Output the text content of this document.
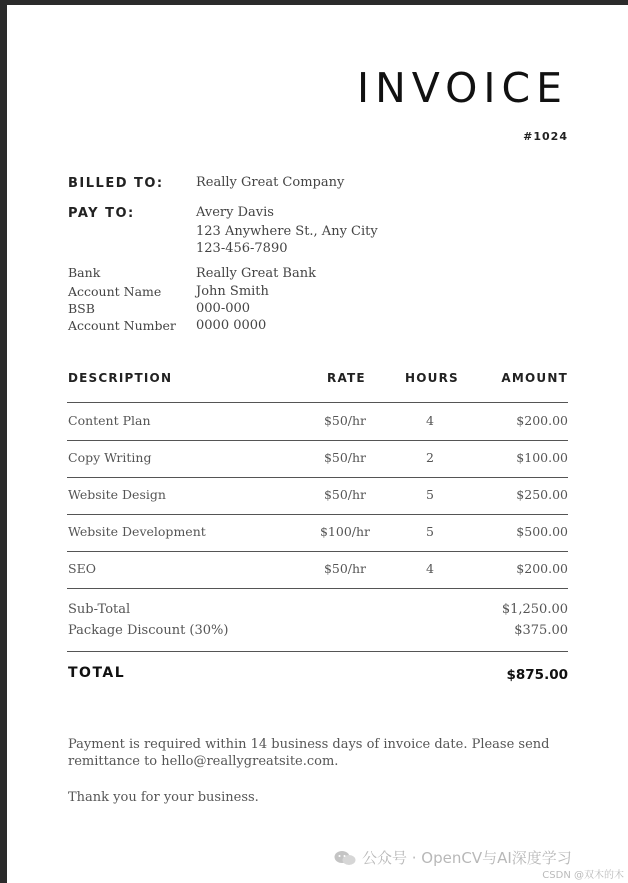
INVOICE
#1024
BILLED TO: Really Great Company
PAY TO:	Avery Davis
123 Anywhere St., Any City
123-456-7890
Bank	Really Great Bank
Account Name	John Smith
BSB	000-000
Account Number 0000 0000
DESCRIPTION	RATE	HOURS	AMOUNT
Content Plan	$50/hr	4	$200.00
Copy Writing	$50/hr	2	$100.00
Website Design	$50/hr	5	$250.00
Website Development	$100/hr	5	$500.00
SEO	$50/hr	4	$200.00
Sub-Total	$1,250.00
Package Discount (30%)	$375.00
TOTAL	$875.00
Payment is required within 14 business days of invoice date. Please send remittance to hello@reallygreatsite.com.
Thank you for your business.
公众号 · OpenCV与AI深度学习
CSDN @双木的木
